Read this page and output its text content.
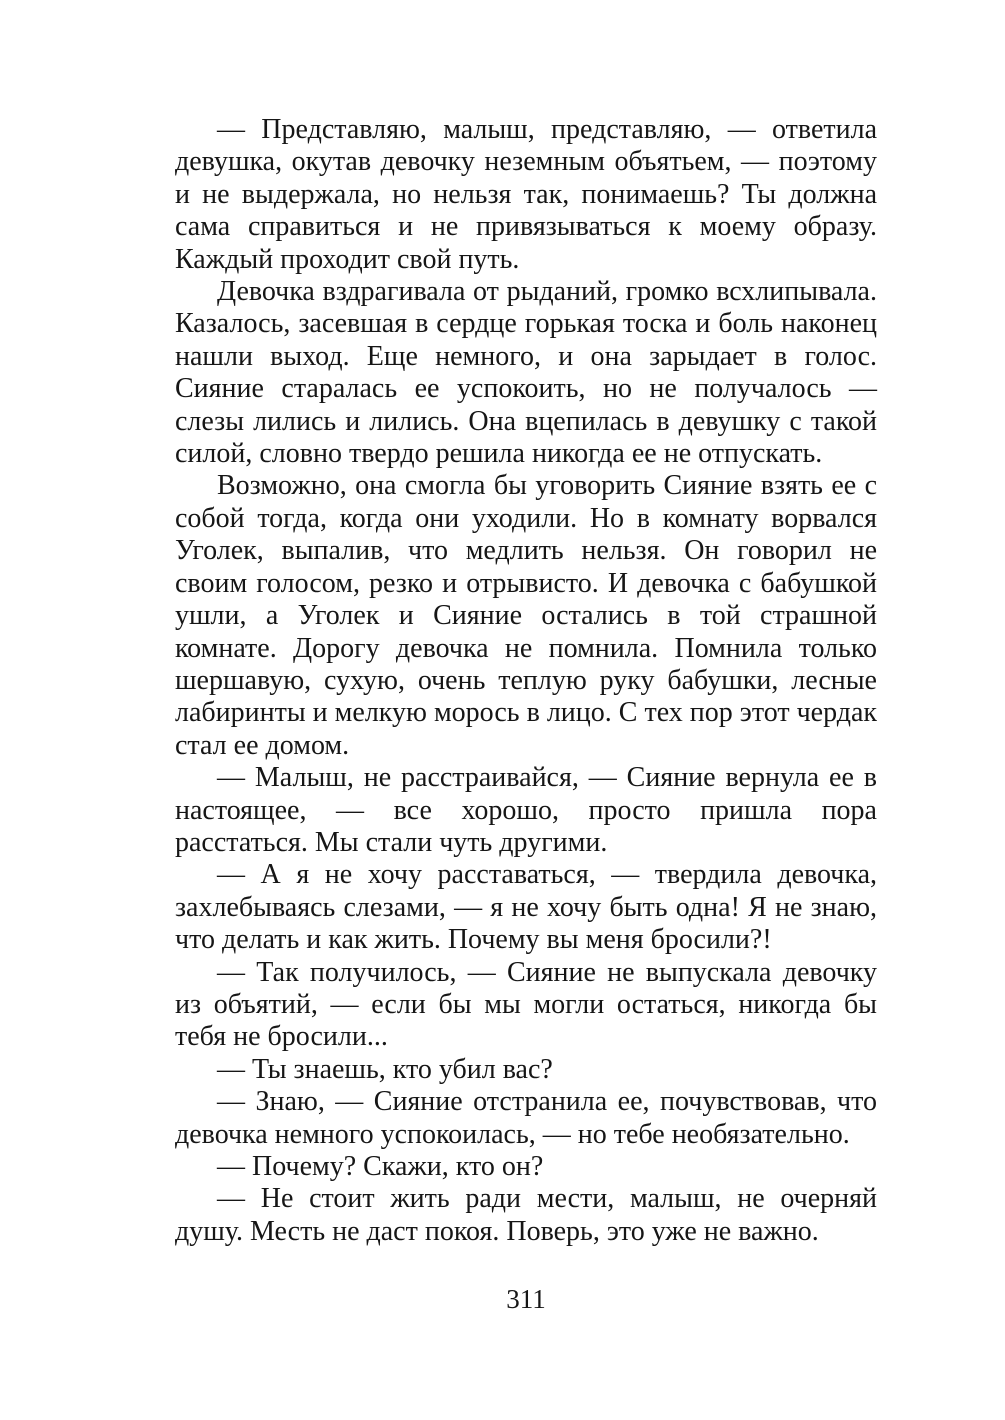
— Представляю, малыш, представляю, — ответила девушка, окутав девочку неземным объятьем, — поэтому и не выдержала, но нельзя так, понимаешь? Ты должна сама справиться и не привязываться к моему образу. Каждый проходит свой путь.

Девочка вздрагивала от рыданий, громко всхлипывала. Казалось, засевшая в сердце горькая тоска и боль наконец нашли выход. Еще немного, и она зарыдает в голос. Сияние старалась ее успокоить, но не получалось — слезы лились и лились. Она вцепилась в девушку с такой силой, словно твердо решила никогда ее не отпускать.

Возможно, она смогла бы уговорить Сияние взять ее с собой тогда, когда они уходили. Но в комнату ворвался Уголек, выпалив, что медлить нельзя. Он говорил не своим голосом, резко и отрывисто. И девочка с бабушкой ушли, а Уголек и Сияние остались в той страшной комнате. Дорогу девочка не помнила. Помнила только шершавую, сухую, очень теплую руку бабушки, лесные лабиринты и мелкую морось в лицо. С тех пор этот чердак стал ее домом.

— Малыш, не расстраивайся, — Сияние вернула ее в настоящее, — все хорошо, просто пришла пора расстаться. Мы стали чуть другими.

— А я не хочу расставаться, — твердила девочка, захлебываясь слезами, — я не хочу быть одна! Я не знаю, что делать и как жить. Почему вы меня бросили?!

— Так получилось, — Сияние не выпускала девочку из объятий, — если бы мы могли остаться, никогда бы тебя не бросили...

— Ты знаешь, кто убил вас?

— Знаю, — Сияние отстранила ее, почувствовав, что девочка немного успокоилась, — но тебе необязательно.

— Почему? Скажи, кто он?

— Не стоит жить ради мести, малыш, не очерняй душу. Месть не даст покоя. Поверь, это уже не важно.

311
